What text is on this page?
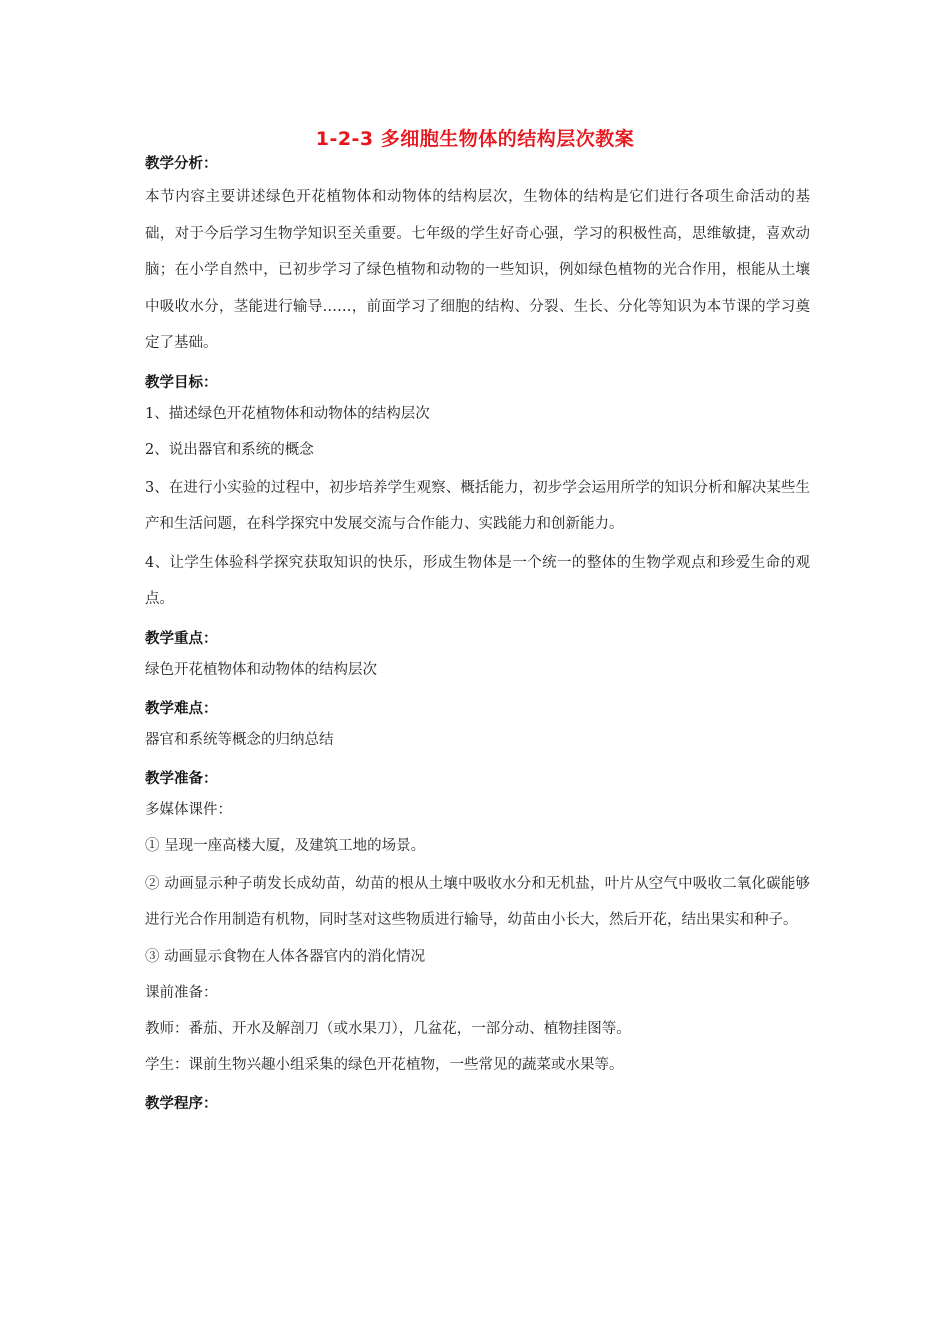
1-2-3 多细胞生物体的结构层次教案
教学分析：

本节内容主要讲述绿色开花植物体和动物体的结构层次，生物体的结构是它们进行各项生命活动的基础，对于今后学习生物学知识至关重要。七年级的学生好奇心强，学习的积极性高，思维敏捷，喜欢动脑；在小学自然中，已初步学习了绿色植物和动物的一些知识，例如绿色植物的光合作用，根能从土壤中吸收水分，茎能进行输导……，前面学习了细胞的结构、分裂、生长、分化等知识为本节课的学习奠定了基础。

教学目标：
1、描述绿色开花植物体和动物体的结构层次
2、说出器官和系统的概念

3、在进行小实验的过程中，初步培养学生观察、概括能力，初步学会运用所学的知识分析和解决某些生产和生活问题，在科学探究中发展交流与合作能力、实践能力和创新能力。

4、让学生体验科学探究获取知识的快乐，形成生物体是一个统一的整体的生物学观点和珍爱生命的观点。

教学重点：
绿色开花植物体和动物体的结构层次
教学难点：
器官和系统等概念的归纳总结
教学准备：
多媒体课件：
① 呈现一座高楼大厦，及建筑工地的场景。

② 动画显示种子萌发长成幼苗，幼苗的根从土壤中吸收水分和无机盐，叶片从空气中吸收二氧化碳能够进行光合作用制造有机物，同时茎对这些物质进行输导，幼苗由小长大，然后开花，结出果实和种子。

③ 动画显示食物在人体各器官内的消化情况
课前准备：
教师：番茄、开水及解剖刀（或水果刀），几盆花，一部分动、植物挂图等。
学生：课前生物兴趣小组采集的绿色开花植物，一些常见的蔬菜或水果等。
教学程序：
